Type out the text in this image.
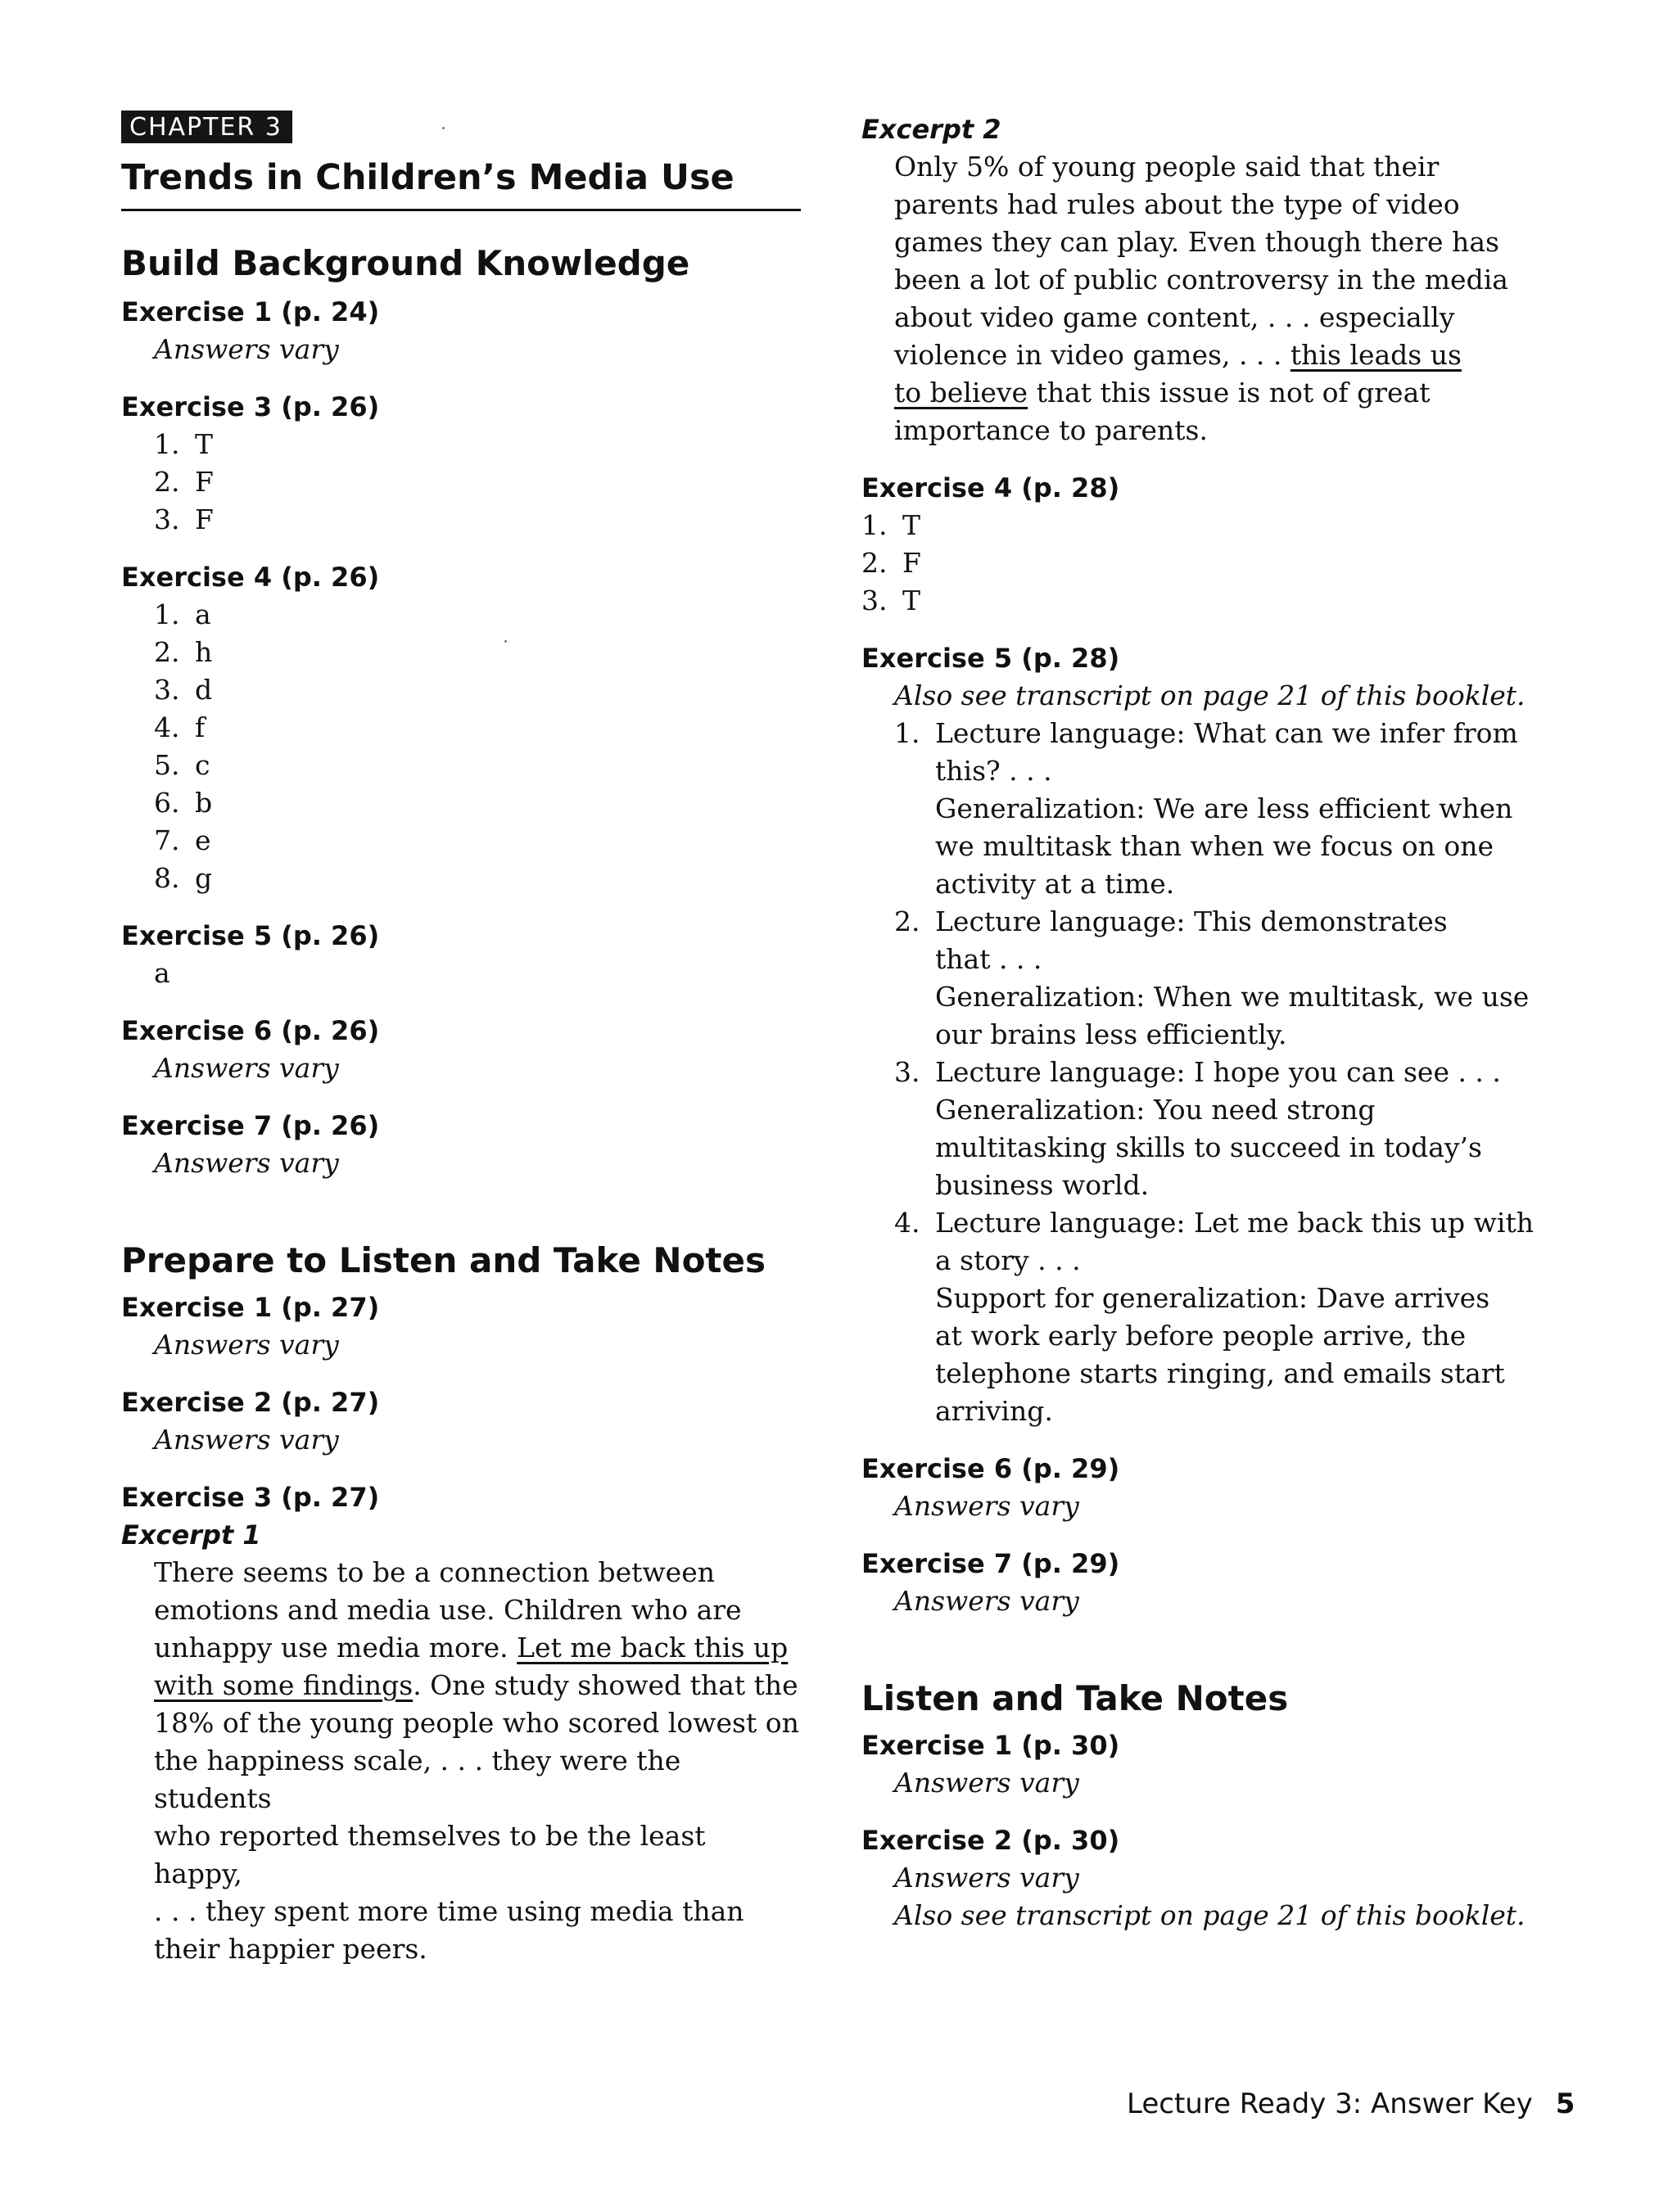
CHAPTER 3
Trends in Children’s Media Use
Build Background Knowledge
Exercise 1 (p. 24)
Answers vary
Exercise 3 (p. 26)
1. T
2. F
3. F
Exercise 4 (p. 26)
1. a
2. h
3. d
4. f
5. c
6. b
7. e
8. g
Exercise 5 (p. 26)
a
Exercise 6 (p. 26)
Answers vary
Exercise 7 (p. 26)
Answers vary
Prepare to Listen and Take Notes
Exercise 1 (p. 27)
Answers vary
Exercise 2 (p. 27)
Answers vary
Exercise 3 (p. 27)
Excerpt 1

There seems to be a connection between

emotions and media use. Children who are

unhappy use media more. Let me back this up

with some findings. One study showed that the

18% of the young people who scored lowest on

the happiness scale, . . . they were the students

who reported themselves to be the least happy,

. . . they spent more time using media than

their happier peers.

Excerpt 2

Only 5% of young people said that their

parents had rules about the type of video

games they can play. Even though there has

been a lot of public controversy in the media

about video game content, . . . especially

violence in video games, . . . this leads us

to believe that this issue is not of great

importance to parents.

Exercise 4 (p. 28)
1. T
2. F
3. T
Exercise 5 (p. 28)
Also see transcript on page 21 of this booklet.
1. Lecture language: What can we infer from
this? . . .
Generalization: We are less efficient when
we multitask than when we focus on one
activity at a time.
2. Lecture language: This demonstrates
that . . .
Generalization: When we multitask, we use
our brains less efficiently.
3. Lecture language: I hope you can see . . .
Generalization: You need strong
multitasking skills to succeed in today’s
business world.
4. Lecture language: Let me back this up with
a story . . .
Support for generalization: Dave arrives
at work early before people arrive, the
telephone starts ringing, and emails start
arriving.
Exercise 6 (p. 29)
Answers vary
Exercise 7 (p. 29)
Answers vary
Listen and Take Notes
Exercise 1 (p. 30)
Answers vary
Exercise 2 (p. 30)
Answers vary
Also see transcript on page 21 of this booklet.
Lecture Ready 3: Answer Key 5
